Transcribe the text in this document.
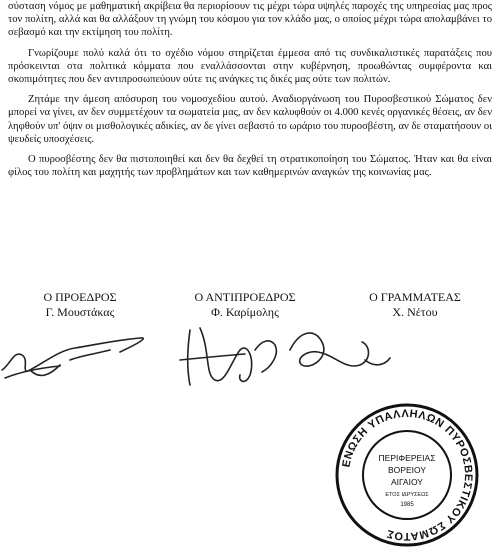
σύσταση νόμος με μαθηματική ακρίβεια θα περιορίσουν τις μέχρι τώρα υψηλές παροχές της υπηρεσίας μας προς τον πολίτη, αλλά και θα αλλάξουν τη γνώμη του κόσμου για τον κλάδο μας, ο οποίος μέχρι τώρα απολαμβάνει το σεβασμό και την εκτίμηση του πολίτη.

Γνωρίζουμε πολύ καλά ότι το σχέδιο νόμου στηρίζεται έμμεσα από τις συνδικαλιστικές παρατάξεις που πρόσκεινται στα πολιτικά κόμματα που εναλλάσσονται στην κυβέρνηση, προωθώντας συμφέροντα και σκοπιμότητες που δεν αντιπροσωπεύουν ούτε τις ανάγκες τις δικές μας ούτε των πολιτών.

Ζητάμε την άμεση απόσυρση του νομοσχεδίου αυτού. Αναδιοργάνωση του Πυροσβεστικού Σώματος δεν μπορεί να γίνει, αν δεν συμμετέχουν τα σωματεία μας, αν δεν καλυφθούν οι 4.000 κενές οργανικές θέσεις, αν δεν ληφθούν υπ' όψιν οι μισθολογικές αδικίες, αν δε γίνει σεβαστό το ωράριο του πυροσβέστη, αν δε σταματήσουν οι ψευδείς υποσχέσεις.

Ο πυροσβέστης δεν θα πιστοποιηθεί και δεν θα δεχθεί τη στρατικοποίηση του Σώματος. Ήταν και θα είναι φίλος του πολίτη και μαχητής των προβλημάτων και των καθημερινών αναγκών της κοινωνίας μας.

Ο ΠΡΟΕΔΡΟΣ
Γ. Μουστάκας
Ο ΑΝΤΙΠΡΟΕΔΡΟΣ
Φ. Καρίμολης
Ο ΓΡΑΜΜΑΤΕΑΣ
Χ. Νέτου
ΕΝΩΣΗ ΥΠΑΛΛΗΛΩΝ ΠΥΡΟΣΒΕΣΤΙΚΟΥ ΣΩΜΑΤΟΣ
ΠΕΡΙΦΕΡΕΙΑΣ
ΒΟΡΕΙΟΥ
ΑΙΓΑΙΟΥ
ΕΤΟΣ ΙΔΡΥΣΕΩΣ
1985
